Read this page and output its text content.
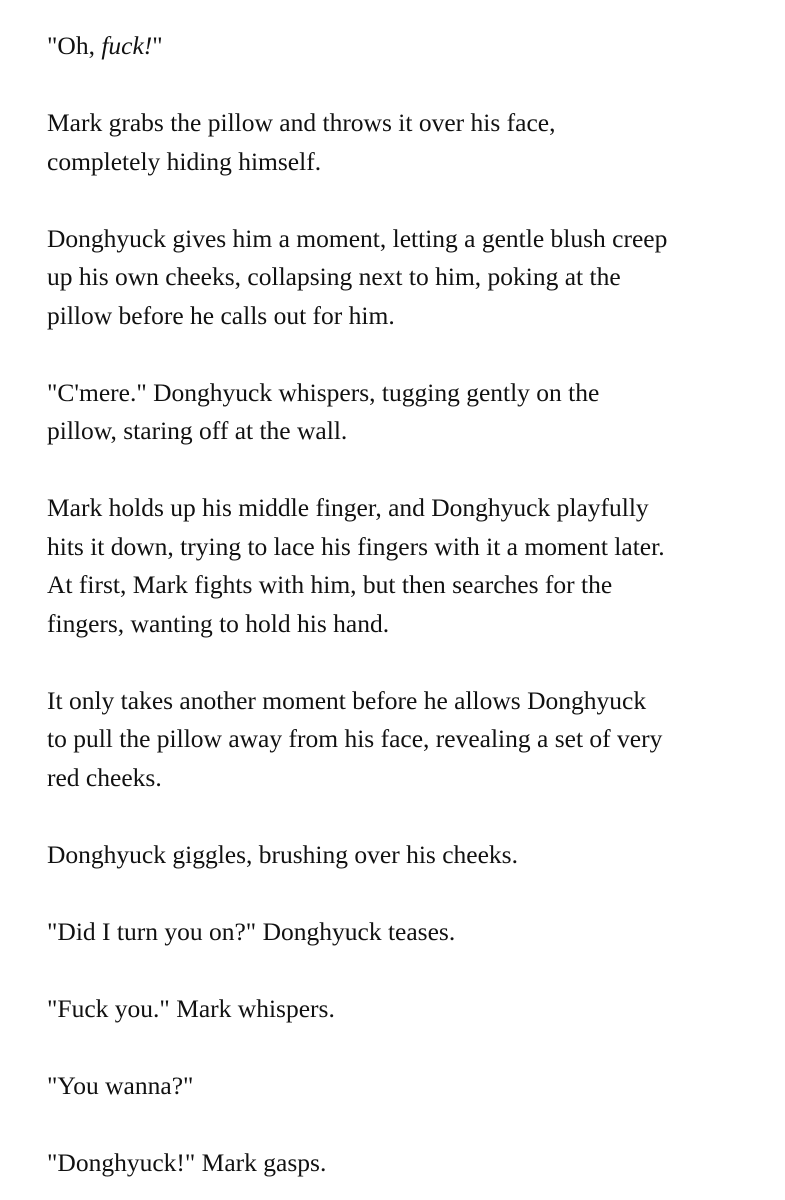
"Oh, fuck!"

Mark grabs the pillow and throws it over his face,
completely hiding himself.

Donghyuck gives him a moment, letting a gentle blush creep
up his own cheeks, collapsing next to him, poking at the
pillow before he calls out for him.

"C'mere." Donghyuck whispers, tugging gently on the
pillow, staring off at the wall.

Mark holds up his middle finger, and Donghyuck playfully
hits it down, trying to lace his fingers with it a moment later.
At first, Mark fights with him, but then searches for the
fingers, wanting to hold his hand.

It only takes another moment before he allows Donghyuck
to pull the pillow away from his face, revealing a set of very
red cheeks.

Donghyuck giggles, brushing over his cheeks.

"Did I turn you on?" Donghyuck teases.

"Fuck you." Mark whispers.

"You wanna?"

"Donghyuck!" Mark gasps.
